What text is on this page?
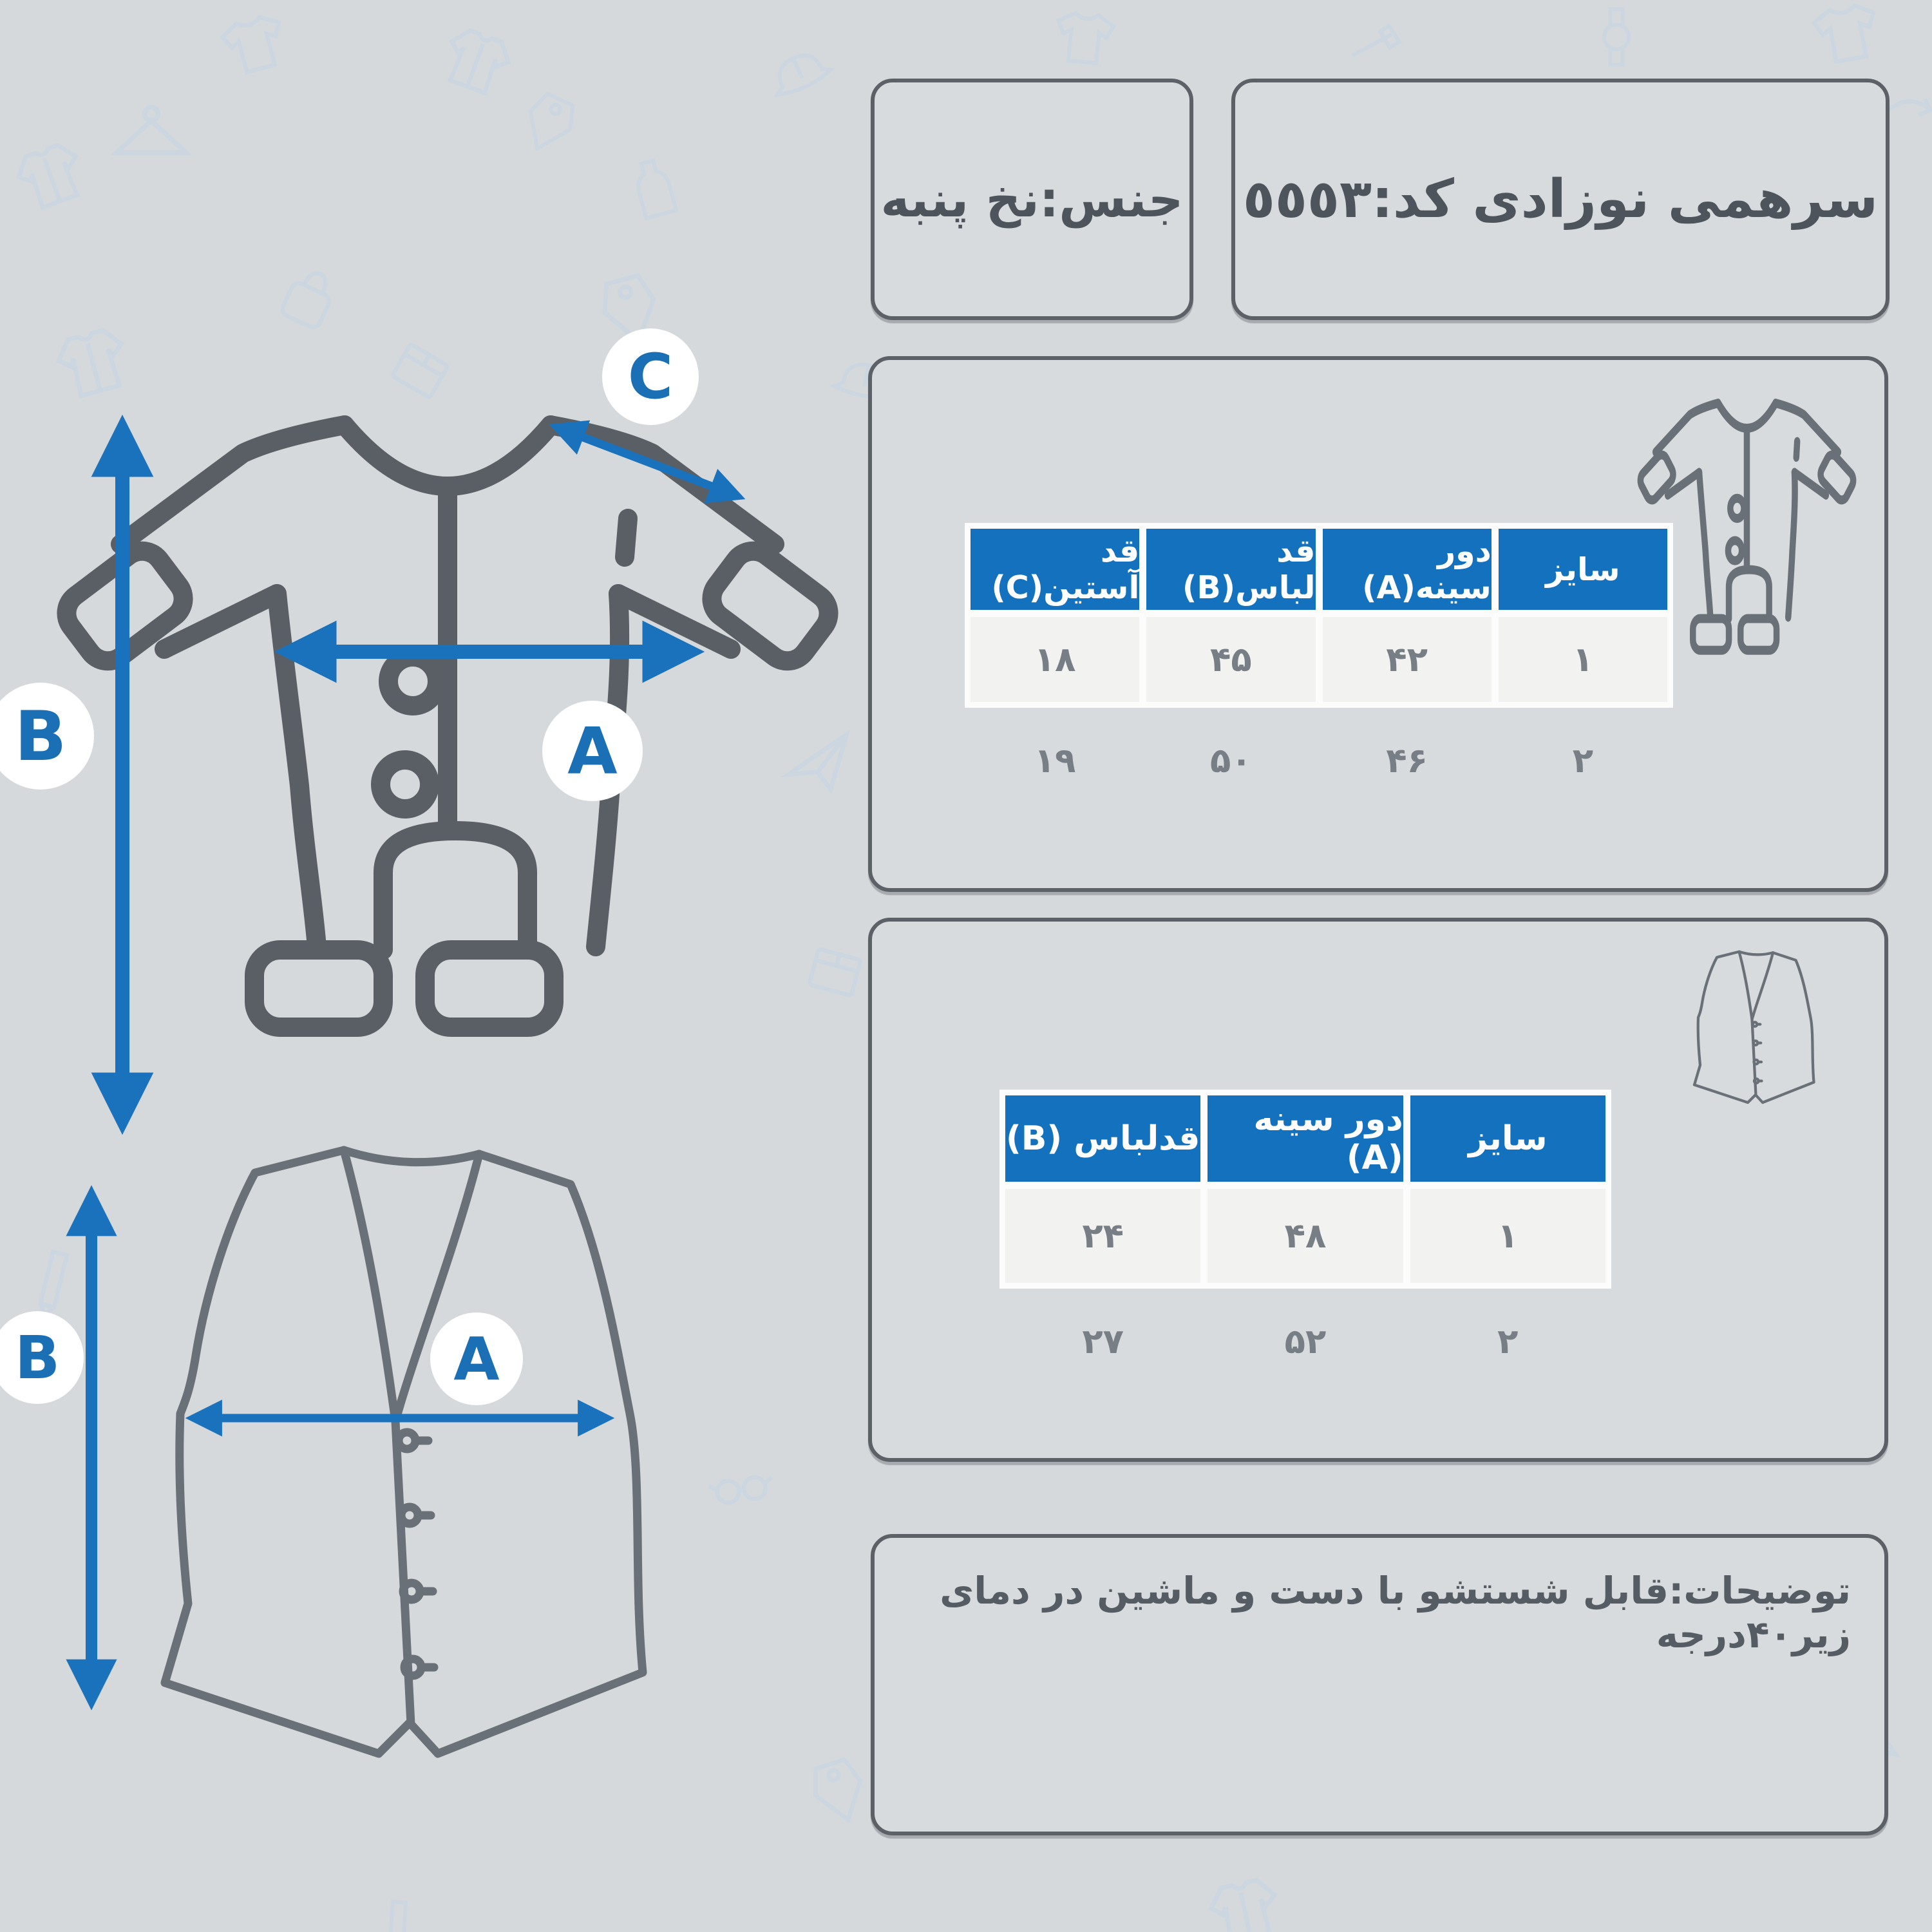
C
A
B
B	A
جنس:نخ پنبه سرهمی نوزادی کد:٥٥٥٣
سایز
دور سینه(A)
قد لباس(B)
قد آستین(C)
۱
۴۲
۴۵
۱۸
۲
۴۶
۵۰
۱۹
سایز
دور سینه (A)
قدلباس (B)
۱
۴۸
۲۴
۲
۵۲
۲۷
توضیحات:قابل شستشو با دست و ماشین در دمای زیر۴۰درجه
